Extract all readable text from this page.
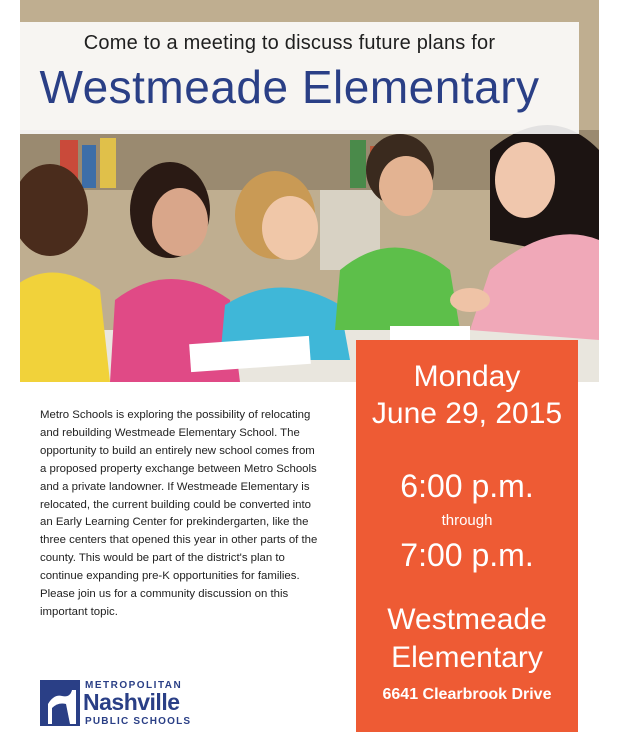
Come to a meeting to discuss future plans for
Westmeade Elementary
Monday
June 29, 2015
6:00 p.m.
through
7:00 p.m.
Westmeade
Elementary
6641 Clearbrook Drive
Metro Schools is exploring the possibility of relocating and rebuilding Westmeade Elementary School. The opportunity to build an entirely new school comes from a proposed property exchange between Metro Schools and a private landowner. If Westmeade Elementary is relocated, the current building could be converted into an Early Learning Center for prekindergarten, like the three centers that opened this year in other parts of the county. This would be part of the district's plan to continue expanding pre-K opportunities for families. Please join us for a community discussion on this important topic.
METROPOLITAN
Nashville
PUBLIC SCHOOLS
